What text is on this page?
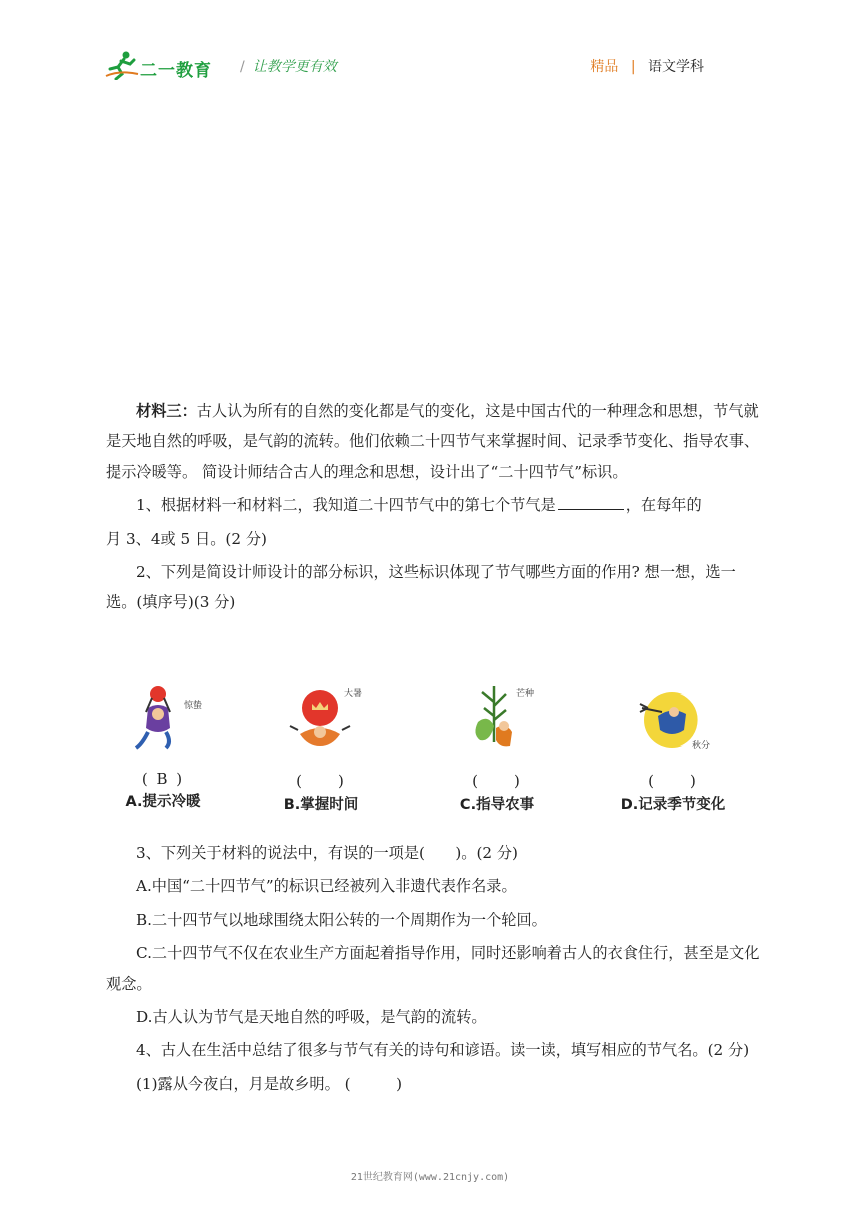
二一教育 / 让教学更有效	精品 | 语文学科

材料三：古人认为所有的自然的变化都是气的变化，这是中国古代的一种理念和思想，节气就是天地自然的呼吸，是气韵的流转。他们依赖二十四节气来掌握时间、记录季节变化、指导农事、提示冷暖等。 简设计师结合古人的理念和思想，设计出了“二十四节气”标识。

1、根据材料一和材料二，我知道二十四节气中的第七个节气是	，在每年的

月 3、4或 5 日。(2 分)

2、下列是简设计师设计的部分标识，这些标识体现了节气哪些方面的作用? 想一想，选一选。(填序号)(3 分)

惊蛰
( B )
A.提示冷暖
大暑
(　　)
B.掌握时间
芒种
(　　)
C.指导农事
秋分
(　　)
D.记录季节变化

3、下列关于材料的说法中，有误的一项是(　　)。(2 分)

A.中国“二十四节气”的标识已经被列入非遗代表作名录。

B.二十四节气以地球围绕太阳公转的一个周期作为一个轮回。

C.二十四节气不仅在农业生产方面起着指导作用，同时还影响着古人的衣食住行，甚至是文化观念。

D.古人认为节气是天地自然的呼吸，是气韵的流转。

4、古人在生活中总结了很多与节气有关的诗句和谚语。读一读，填写相应的节气名。(2 分)

(1)露从今夜白，月是故乡明。 (　　　)

21世纪教育网(www.21cnjy.com)
